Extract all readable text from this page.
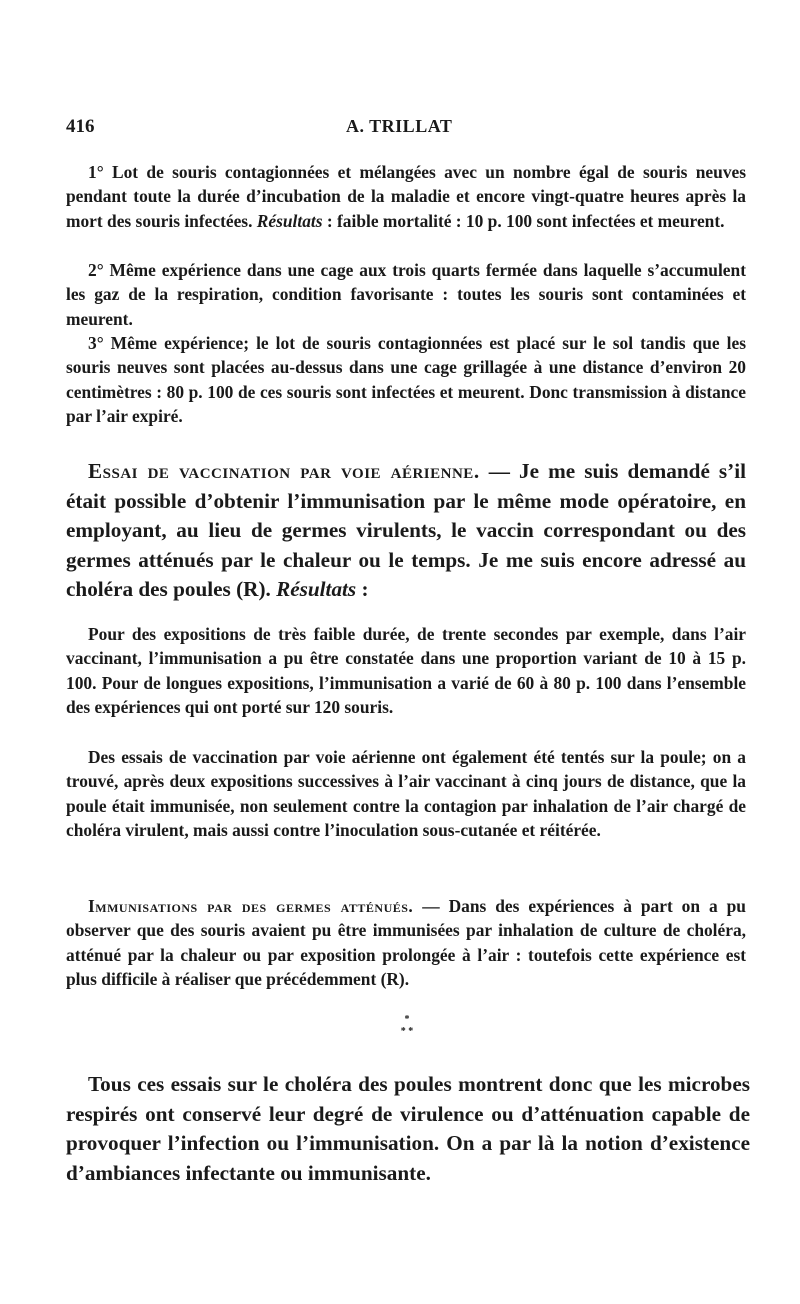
416	A. TRILLAT

1° Lot de souris contagionnées et mélangées avec un nombre égal de souris neuves pendant toute la durée d’incubation de la maladie et encore vingt-quatre heures après la mort des souris infectées. Résultats : faible mortalité : 10 p. 100 sont infectées et meurent.

2° Même expérience dans une cage aux trois quarts fermée dans laquelle s’accumulent les gaz de la respiration, condition favorisante : toutes les souris sont contaminées et meurent.

3° Même expérience; le lot de souris contagionnées est placé sur le sol tandis que les souris neuves sont placées au-dessus dans une cage grillagée à une distance d’environ 20 centimètres : 80 p. 100 de ces souris sont infectées et meurent. Donc transmission à distance par l’air expiré.

Essai de vaccination par voie aérienne. — Je me suis demandé s’il était possible d’obtenir l’immunisation par le même mode opératoire, en employant, au lieu de germes virulents, le vaccin correspondant ou des germes atténués par le chaleur ou le temps. Je me suis encore adressé au choléra des poules (R). Résultats :

Pour des expositions de très faible durée, de trente secondes par exemple, dans l’air vaccinant, l’immunisation a pu être constatée dans une proportion variant de 10 à 15 p. 100. Pour de longues expositions, l’immunisation a varié de 60 à 80 p. 100 dans l’ensemble des expériences qui ont porté sur 120 souris.

Des essais de vaccination par voie aérienne ont également été tentés sur la poule; on a trouvé, après deux expositions successives à l’air vaccinant à cinq jours de distance, que la poule était immunisée, non seulement contre la contagion par inhalation de l’air chargé de choléra virulent, mais aussi contre l’inoculation sous-cutanée et réitérée.

Immunisations par des germes atténués. — Dans des expériences à part on a pu observer que des souris avaient pu être immunisées par inhalation de culture de choléra, atténué par la chaleur ou par exposition prolongée à l’air : toutefois cette expérience est plus difficile à réaliser que précédemment (R).

*
* *

Tous ces essais sur le choléra des poules montrent donc que les microbes respirés ont conservé leur degré de virulence ou d’atténuation capable de provoquer l’infection ou l’immunisation. On a par là la notion d’existence d’ambiances infectante ou immunisante.
